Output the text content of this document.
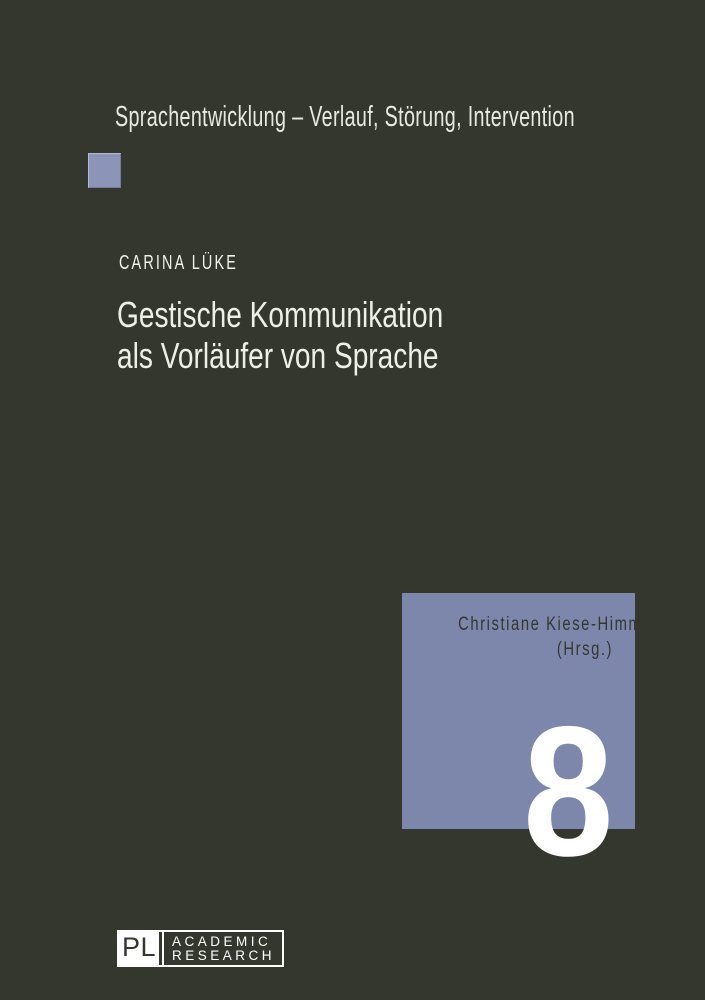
Sprachentwicklung – Verlauf, Störung, Intervention
CARINA LÜKE
Gestische Kommunikation
als Vorläufer von Sprache
Christiane Kiese-Himmel
(Hrsg.)
8
PL ACADEMIC
RESEARCH
